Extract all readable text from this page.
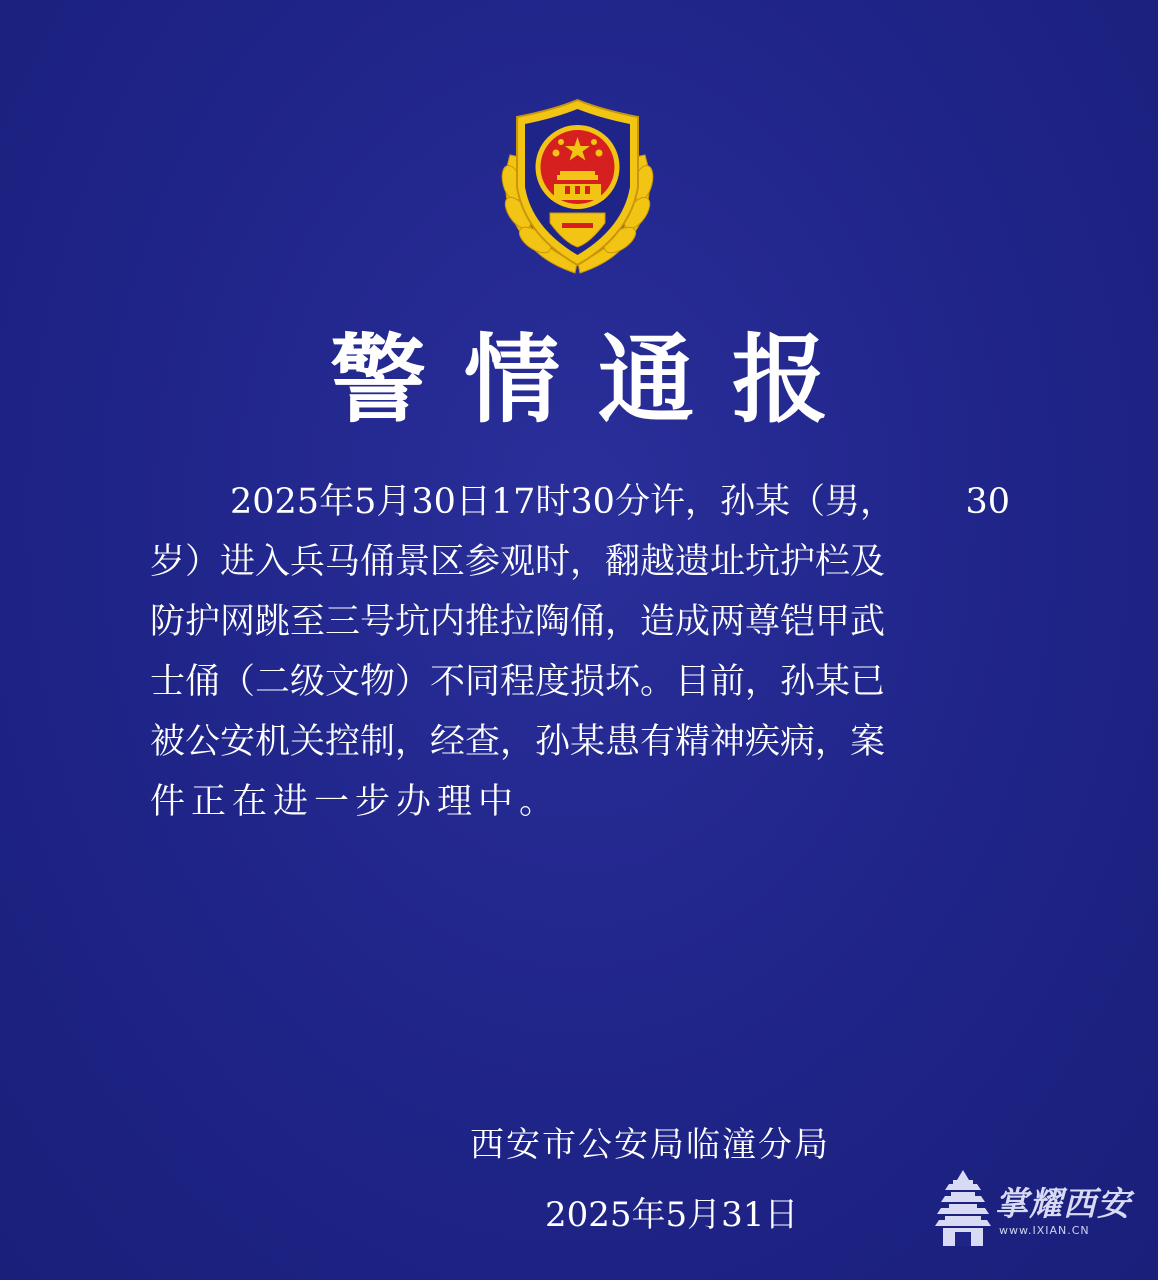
警 情 通 报
2025年5月30日17时30分许，孙某（男， 30
岁）进入兵马俑景区参观时，翻越遗址坑护栏及
防护网跳至三号坑内推拉陶俑，造成两尊铠甲武
士俑（二级文物）不同程度损坏。目前，孙某已
被公安机关控制，经查，孙某患有精神疾病，案
件正在进一步办理中。
西安市公安局临潼分局
2025年5月31日	掌耀西安
www.IXIAN.CN
